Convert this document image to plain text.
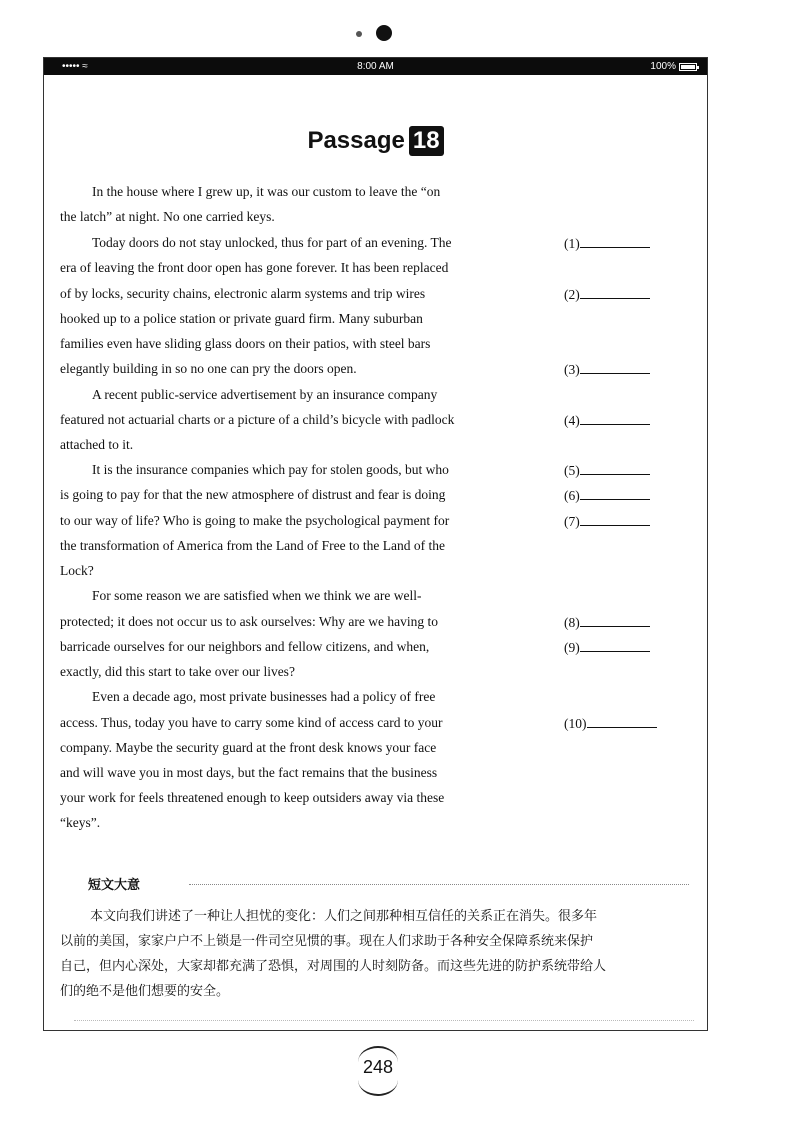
••••• ≈	8:00 AM	100%
Passage 18
In the house where I grew up, it was our custom to leave the “on
the latch” at night. No one carried keys.
Today doors do not stay unlocked, thus for part of an evening. The
era of leaving the front door open has gone forever. It has been replaced
of by locks, security chains, electronic alarm systems and trip wires
hooked up to a police station or private guard firm. Many suburban
families even have sliding glass doors on their patios, with steel bars
elegantly building in so no one can pry the doors open.
A recent public-service advertisement by an insurance company
featured not actuarial charts or a picture of a child’s bicycle with padlock
attached to it.
It is the insurance companies which pay for stolen goods, but who
is going to pay for that the new atmosphere of distrust and fear is doing
to our way of life? Who is going to make the psychological payment for
the transformation of America from the Land of Free to the Land of the
Lock?
For some reason we are satisfied when we think we are well-
protected; it does not occur us to ask ourselves: Why are we having to
barricade ourselves for our neighbors and fellow citizens, and when,
exactly, did this start to take over our lives?
Even a decade ago, most private businesses had a policy of free
access. Thus, today you have to carry some kind of access card to your
company. Maybe the security guard at the front desk knows your face
and will wave you in most days, but the fact remains that the business
your work for feels threatened enough to keep outsiders away via these
“keys”.
(1)
(2)
(3)
(4)
(5)
(6)
(7)
(8)
(9)
(10)
短文大意
本文向我们讲述了一种让人担忧的变化：人们之间那种相互信任的关系正在消失。很多年
以前的美国，家家户户不上锁是一件司空见惯的事。现在人们求助于各种安全保障系统来保护
自己，但内心深处，大家却都充满了恐惧，对周围的人时刻防备。而这些先进的防护系统带给人
们的绝不是他们想要的安全。
248
